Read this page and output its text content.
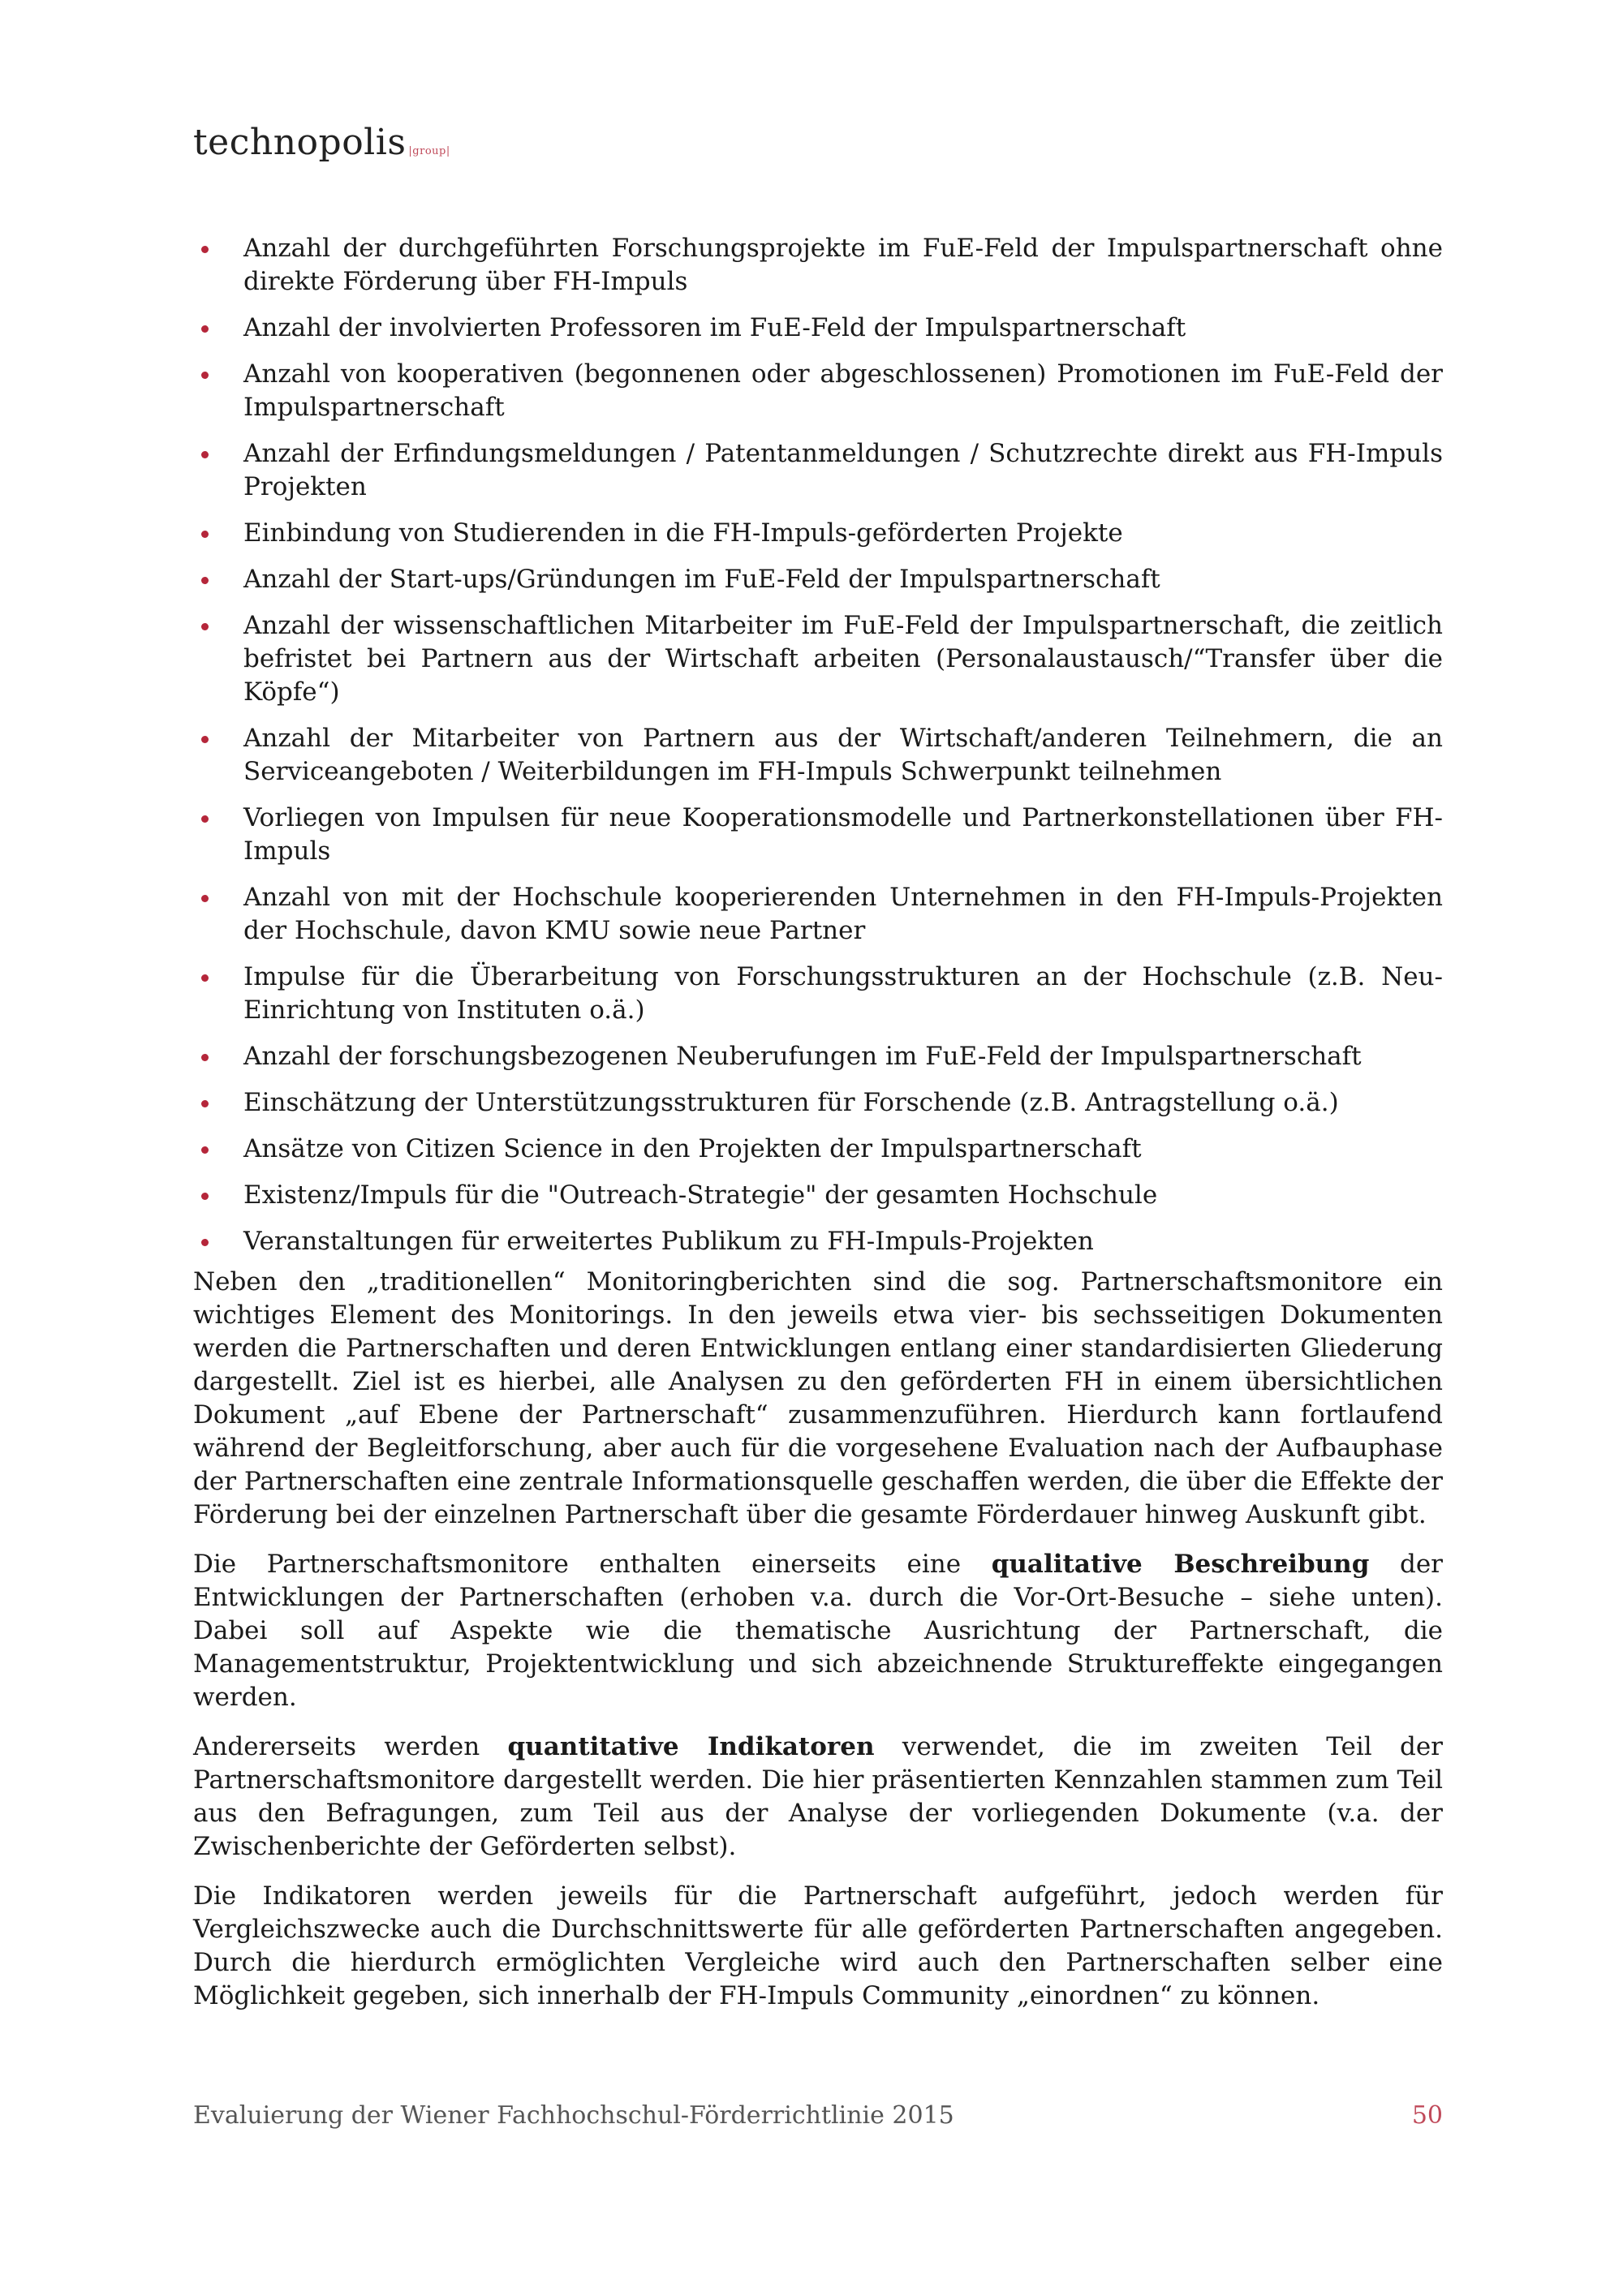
technopolis |group|
Anzahl der durchgeführten Forschungsprojekte im FuE-Feld der Impulspartnerschaft ohne direkte Förderung über FH-Impuls
Anzahl der involvierten Professoren im FuE-Feld der Impulspartnerschaft
Anzahl von kooperativen (begonnenen oder abgeschlossenen) Promotionen im FuE-Feld der Impulspartnerschaft
Anzahl der Erfindungsmeldungen / Patentanmeldungen / Schutzrechte direkt aus FH-Impuls Projekten
Einbindung von Studierenden in die FH-Impuls-geförderten Projekte
Anzahl der Start-ups/Gründungen im FuE-Feld der Impulspartnerschaft
Anzahl der wissenschaftlichen Mitarbeiter im FuE-Feld der Impulspartnerschaft, die zeitlich befristet bei Partnern aus der Wirtschaft arbeiten (Personalaustausch/“Transfer über die Köpfe“)
Anzahl der Mitarbeiter von Partnern aus der Wirtschaft/anderen Teilnehmern, die an Serviceangeboten / Weiterbildungen im FH-Impuls Schwerpunkt teilnehmen
Vorliegen von Impulsen für neue Kooperationsmodelle und Partnerkonstellationen über FH-Impuls
Anzahl von mit der Hochschule kooperierenden Unternehmen in den FH-Impuls-Projekten der Hochschule, davon KMU sowie neue Partner
Impulse für die Überarbeitung von Forschungsstrukturen an der Hochschule (z.B. Neu-Einrichtung von Instituten o.ä.)
Anzahl der forschungsbezogenen Neuberufungen im FuE-Feld der Impulspartnerschaft
Einschätzung der Unterstützungsstrukturen für Forschende (z.B. Antragstellung o.ä.)
Ansätze von Citizen Science in den Projekten der Impulspartnerschaft
Existenz/Impuls für die "Outreach-Strategie" der gesamten Hochschule
Veranstaltungen für erweitertes Publikum zu FH-Impuls-Projekten

Neben den „traditionellen“ Monitoringberichten sind die sog. Partnerschaftsmonitore ein wichtiges Element des Monitorings. In den jeweils etwa vier- bis sechsseitigen Dokumenten werden die Partnerschaften und deren Entwicklungen entlang einer standardisierten Gliederung dargestellt. Ziel ist es hierbei, alle Analysen zu den geförderten FH in einem übersichtlichen Dokument „auf Ebene der Partnerschaft“ zusammenzuführen. Hierdurch kann fortlaufend während der Begleitforschung, aber auch für die vorgesehene Evaluation nach der Aufbauphase der Partnerschaften eine zentrale Informationsquelle geschaffen werden, die über die Effekte der Förderung bei der einzelnen Partnerschaft über die gesamte Förderdauer hinweg Auskunft gibt.

Die Partnerschaftsmonitore enthalten einerseits eine qualitative Beschreibung der Entwicklungen der Partnerschaften (erhoben v.a. durch die Vor-Ort-Besuche – siehe unten). Dabei soll auf Aspekte wie die thematische Ausrichtung der Partnerschaft, die Managementstruktur, Projektentwicklung und sich abzeichnende Struktureffekte eingegangen werden.

Andererseits werden quantitative Indikatoren verwendet, die im zweiten Teil der Partnerschaftsmonitore dargestellt werden. Die hier präsentierten Kennzahlen stammen zum Teil aus den Befragungen, zum Teil aus der Analyse der vorliegenden Dokumente (v.a. der Zwischenberichte der Geförderten selbst).

Die Indikatoren werden jeweils für die Partnerschaft aufgeführt, jedoch werden für Vergleichszwecke auch die Durchschnittswerte für alle geförderten Partnerschaften angegeben. Durch die hierdurch ermöglichten Vergleiche wird auch den Partnerschaften selber eine Möglichkeit gegeben, sich innerhalb der FH-Impuls Community „einordnen“ zu können.

Evaluierung der Wiener Fachhochschul-Förderrichtlinie 2015	50
